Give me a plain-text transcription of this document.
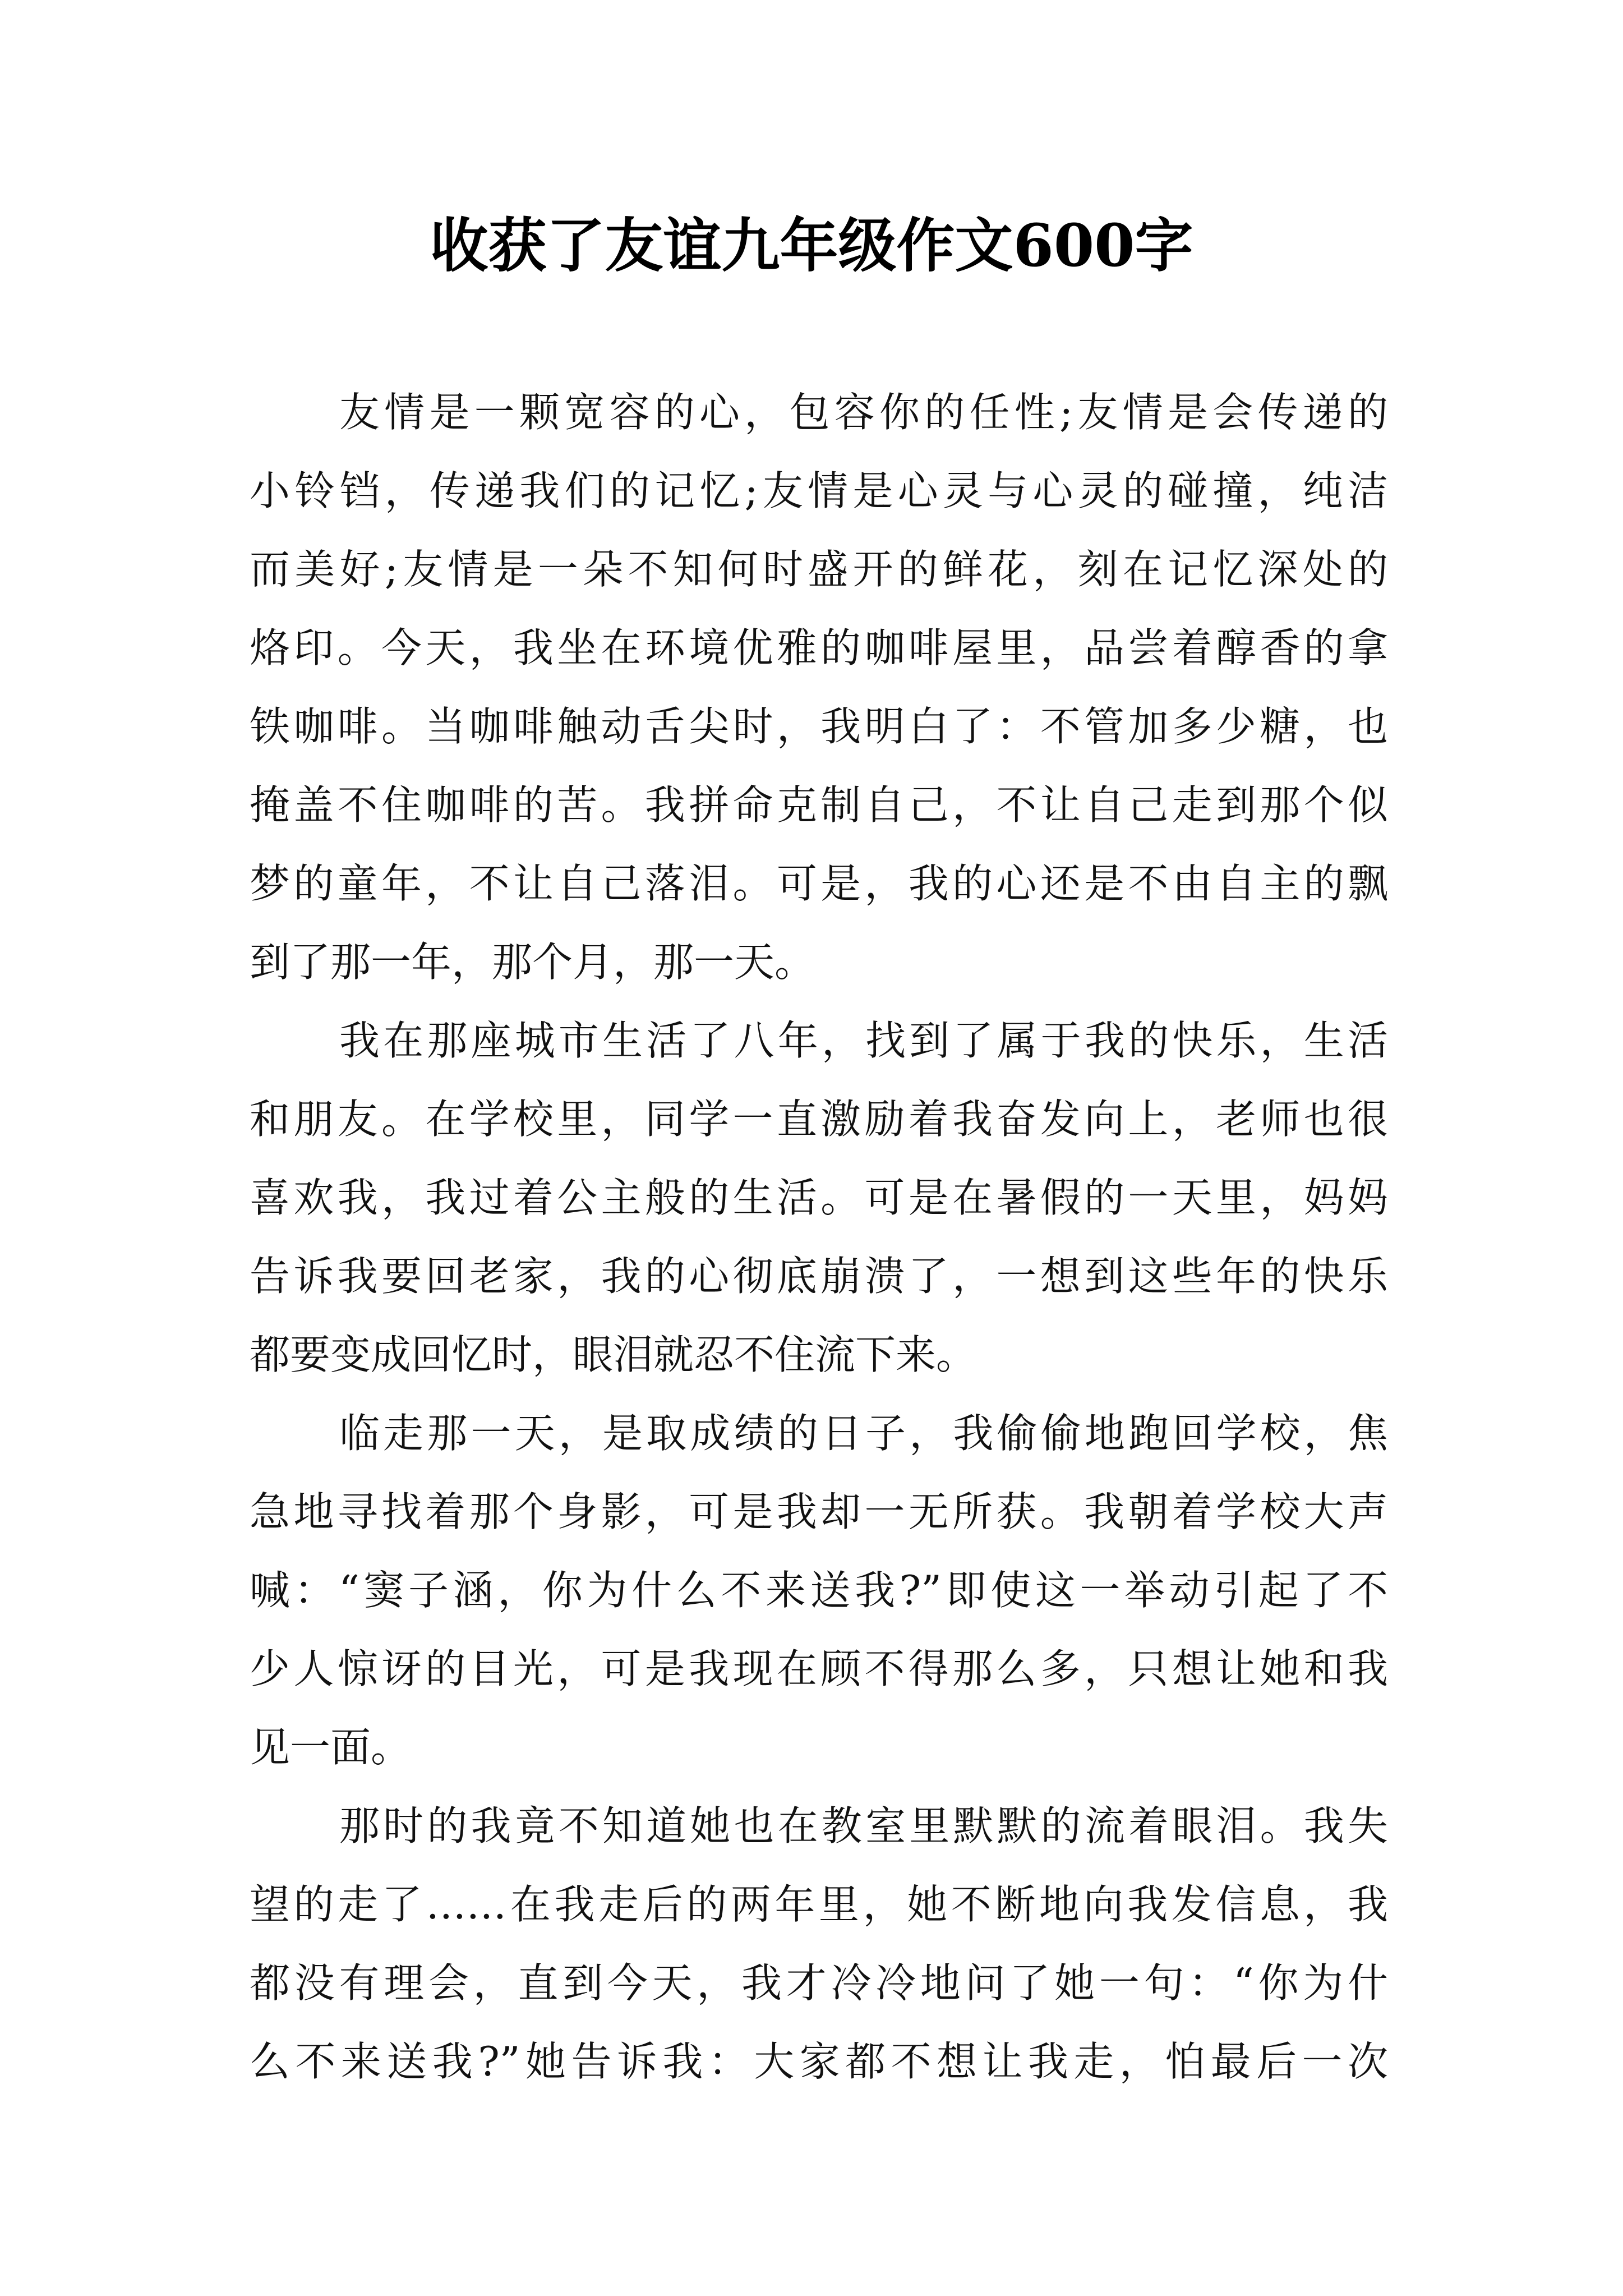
收获了友谊九年级作文600字
友情是一颗宽容的心，包容你的任性;友情是会传递的
小铃铛，传递我们的记忆;友情是心灵与心灵的碰撞，纯洁
而美好;友情是一朵不知何时盛开的鲜花，刻在记忆深处的
烙印。今天，我坐在环境优雅的咖啡屋里，品尝着醇香的拿
铁咖啡。当咖啡触动舌尖时，我明白了：不管加多少糖，也
掩盖不住咖啡的苦。我拼命克制自己，不让自己走到那个似
梦的童年，不让自己落泪。可是，我的心还是不由自主的飘
到了那一年，那个月，那一天。
我在那座城市生活了八年，找到了属于我的快乐，生活
和朋友。在学校里，同学一直激励着我奋发向上，老师也很
喜欢我，我过着公主般的生活。可是在暑假的一天里，妈妈
告诉我要回老家，我的心彻底崩溃了，一想到这些年的快乐
都要变成回忆时，眼泪就忍不住流下来。
临走那一天，是取成绩的日子，我偷偷地跑回学校，焦
急地寻找着那个身影，可是我却一无所获。我朝着学校大声
喊：“窦子涵，你为什么不来送我?”即使这一举动引起了不
少人惊讶的目光，可是我现在顾不得那么多，只想让她和我
见一面。
那时的我竟不知道她也在教室里默默的流着眼泪。我失
望的走了……在我走后的两年里，她不断地向我发信息，我
都没有理会，直到今天，我才冷冷地问了她一句：“你为什
么不来送我?”她告诉我：大家都不想让我走，怕最后一次
